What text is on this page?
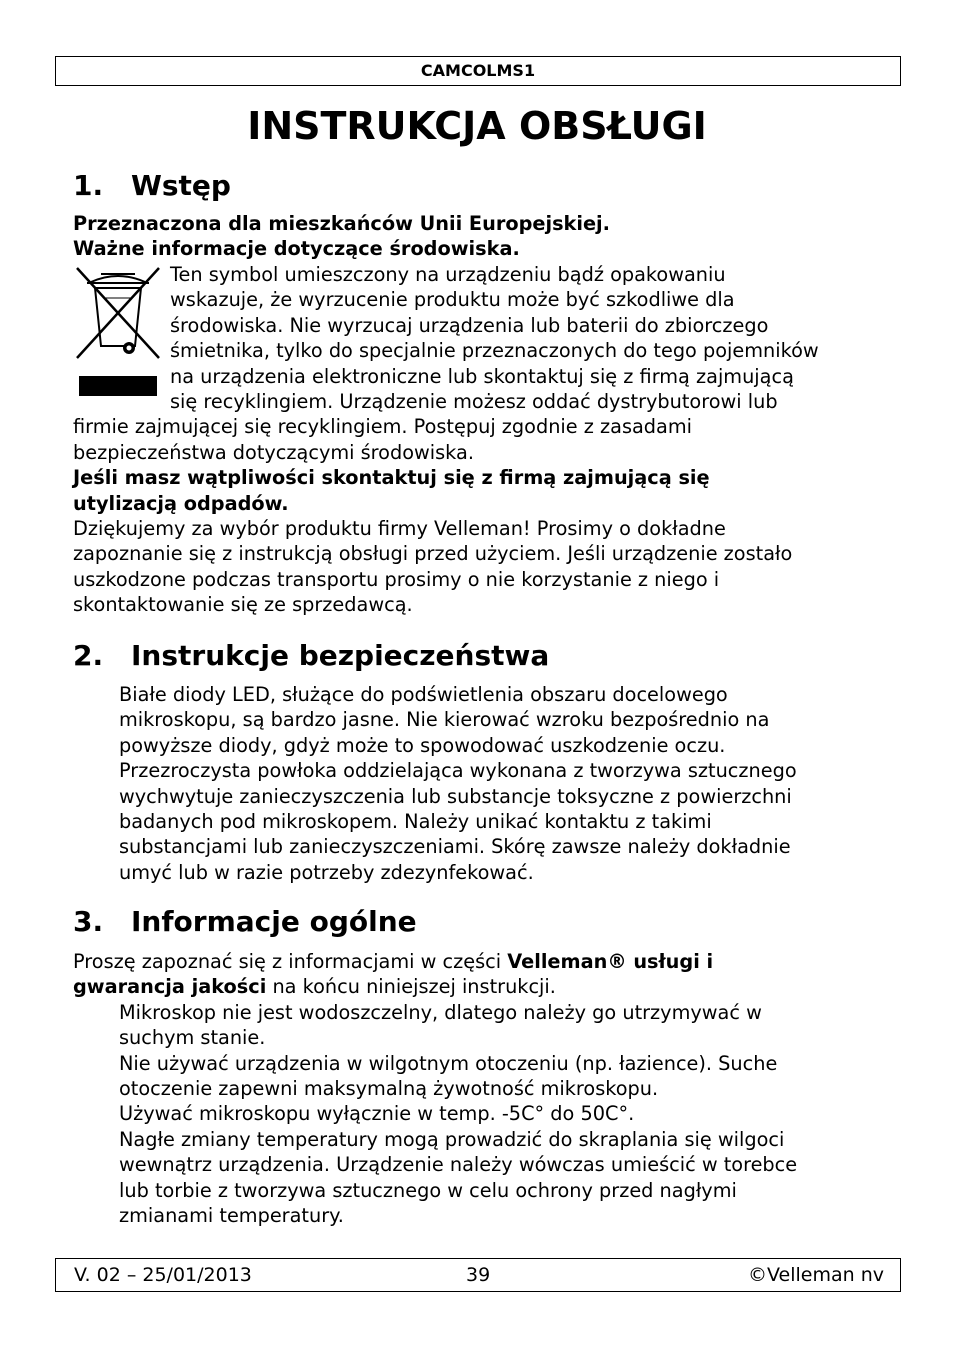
CAMCOLMS1
INSTRUKCJA OBSŁUGI
1. Wstęp

Przeznaczona dla mieszkańców Unii Europejskiej.

Ważne informacje dotyczące środowiska.

Ten symbol umieszczony na urządzeniu bądź opakowaniu

wskazuje, że wyrzucenie produktu może być szkodliwe dla

środowiska. Nie wyrzucaj urządzenia lub baterii do zbiorczego

śmietnika, tylko do specjalnie przeznaczonych do tego pojemników

na urządzenia elektroniczne lub skontaktuj się z firmą zajmującą

się recyklingiem. Urządzenie możesz oddać dystrybutorowi lub

firmie zajmującej się recyklingiem. Postępuj zgodnie z zasadami

bezpieczeństwa dotyczącymi środowiska.

Jeśli masz wątpliwości skontaktuj się z firmą zajmującą się

utylizacją odpadów.

Dziękujemy za wybór produktu firmy Velleman! Prosimy o dokładne

zapoznanie się z instrukcją obsługi przed użyciem. Jeśli urządzenie zostało

uszkodzone podczas transportu prosimy o nie korzystanie z niego i

skontaktowanie się ze sprzedawcą.

2. Instrukcje bezpieczeństwa

Białe diody LED, służące do podświetlenia obszaru docelowego

mikroskopu, są bardzo jasne. Nie kierować wzroku bezpośrednio na

powyższe diody, gdyż może to spowodować uszkodzenie oczu.

Przezroczysta powłoka oddzielająca wykonana z tworzywa sztucznego

wychwytuje zanieczyszczenia lub substancje toksyczne z powierzchni

badanych pod mikroskopem. Należy unikać kontaktu z takimi

substancjami lub zanieczyszczeniami. Skórę zawsze należy dokładnie

umyć lub w razie potrzeby zdezynfekować.

3. Informacje ogólne

Proszę zapoznać się z informacjami w części Velleman® usługi i

gwarancja jakości na końcu niniejszej instrukcji.

Mikroskop nie jest wodoszczelny, dlatego należy go utrzymywać w

suchym stanie.

Nie używać urządzenia w wilgotnym otoczeniu (np. łazience). Suche

otoczenie zapewni maksymalną żywotność mikroskopu.

Używać mikroskopu wyłącznie w temp. -5C° do 50C°.

Nagłe zmiany temperatury mogą prowadzić do skraplania się wilgoci

wewnątrz urządzenia. Urządzenie należy wówczas umieścić w torebce

lub torbie z tworzywa sztucznego w celu ochrony przed nagłymi

zmianami temperatury.

V. 02 – 25/01/2013	39	©Velleman nv
